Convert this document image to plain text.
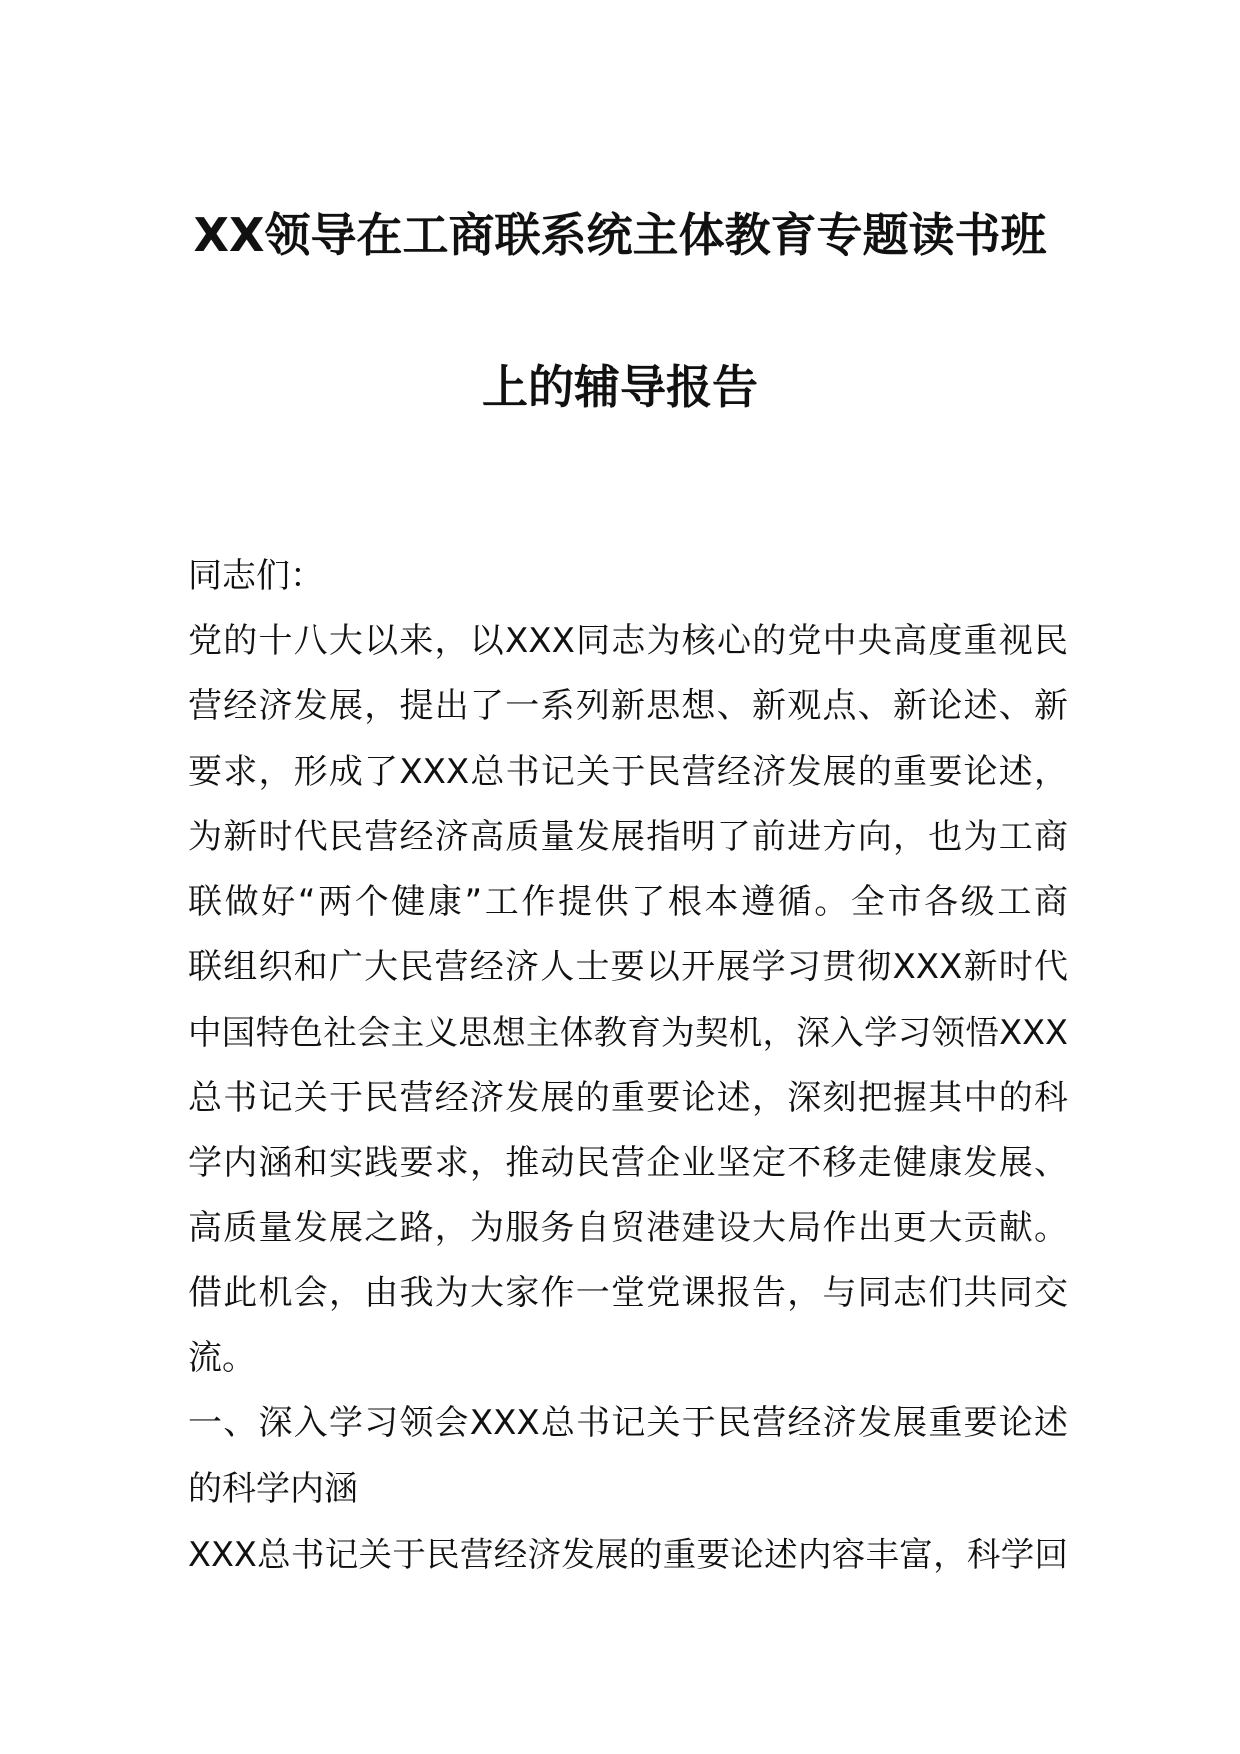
XX领导在工商联系统主体教育专题读书班
上的辅导报告
同志们：
党的十八大以来，以XXX同志为核心的党中央高度重视民
营经济发展，提出了一系列新思想、新观点、新论述、新
要求，形成了XXX总书记关于民营经济发展的重要论述，
为新时代民营经济高质量发展指明了前进方向，也为工商
联做好“两个健康”工作提供了根本遵循。全市各级工商
联组织和广大民营经济人士要以开展学习贯彻XXX新时代
中国特色社会主义思想主体教育为契机，深入学习领悟XXX
总书记关于民营经济发展的重要论述，深刻把握其中的科
学内涵和实践要求，推动民营企业坚定不移走健康发展、
高质量发展之路，为服务自贸港建设大局作出更大贡献。
借此机会，由我为大家作一堂党课报告，与同志们共同交
流。
一、深入学习领会XXX总书记关于民营经济发展重要论述
的科学内涵
XXX总书记关于民营经济发展的重要论述内容丰富，科学回
